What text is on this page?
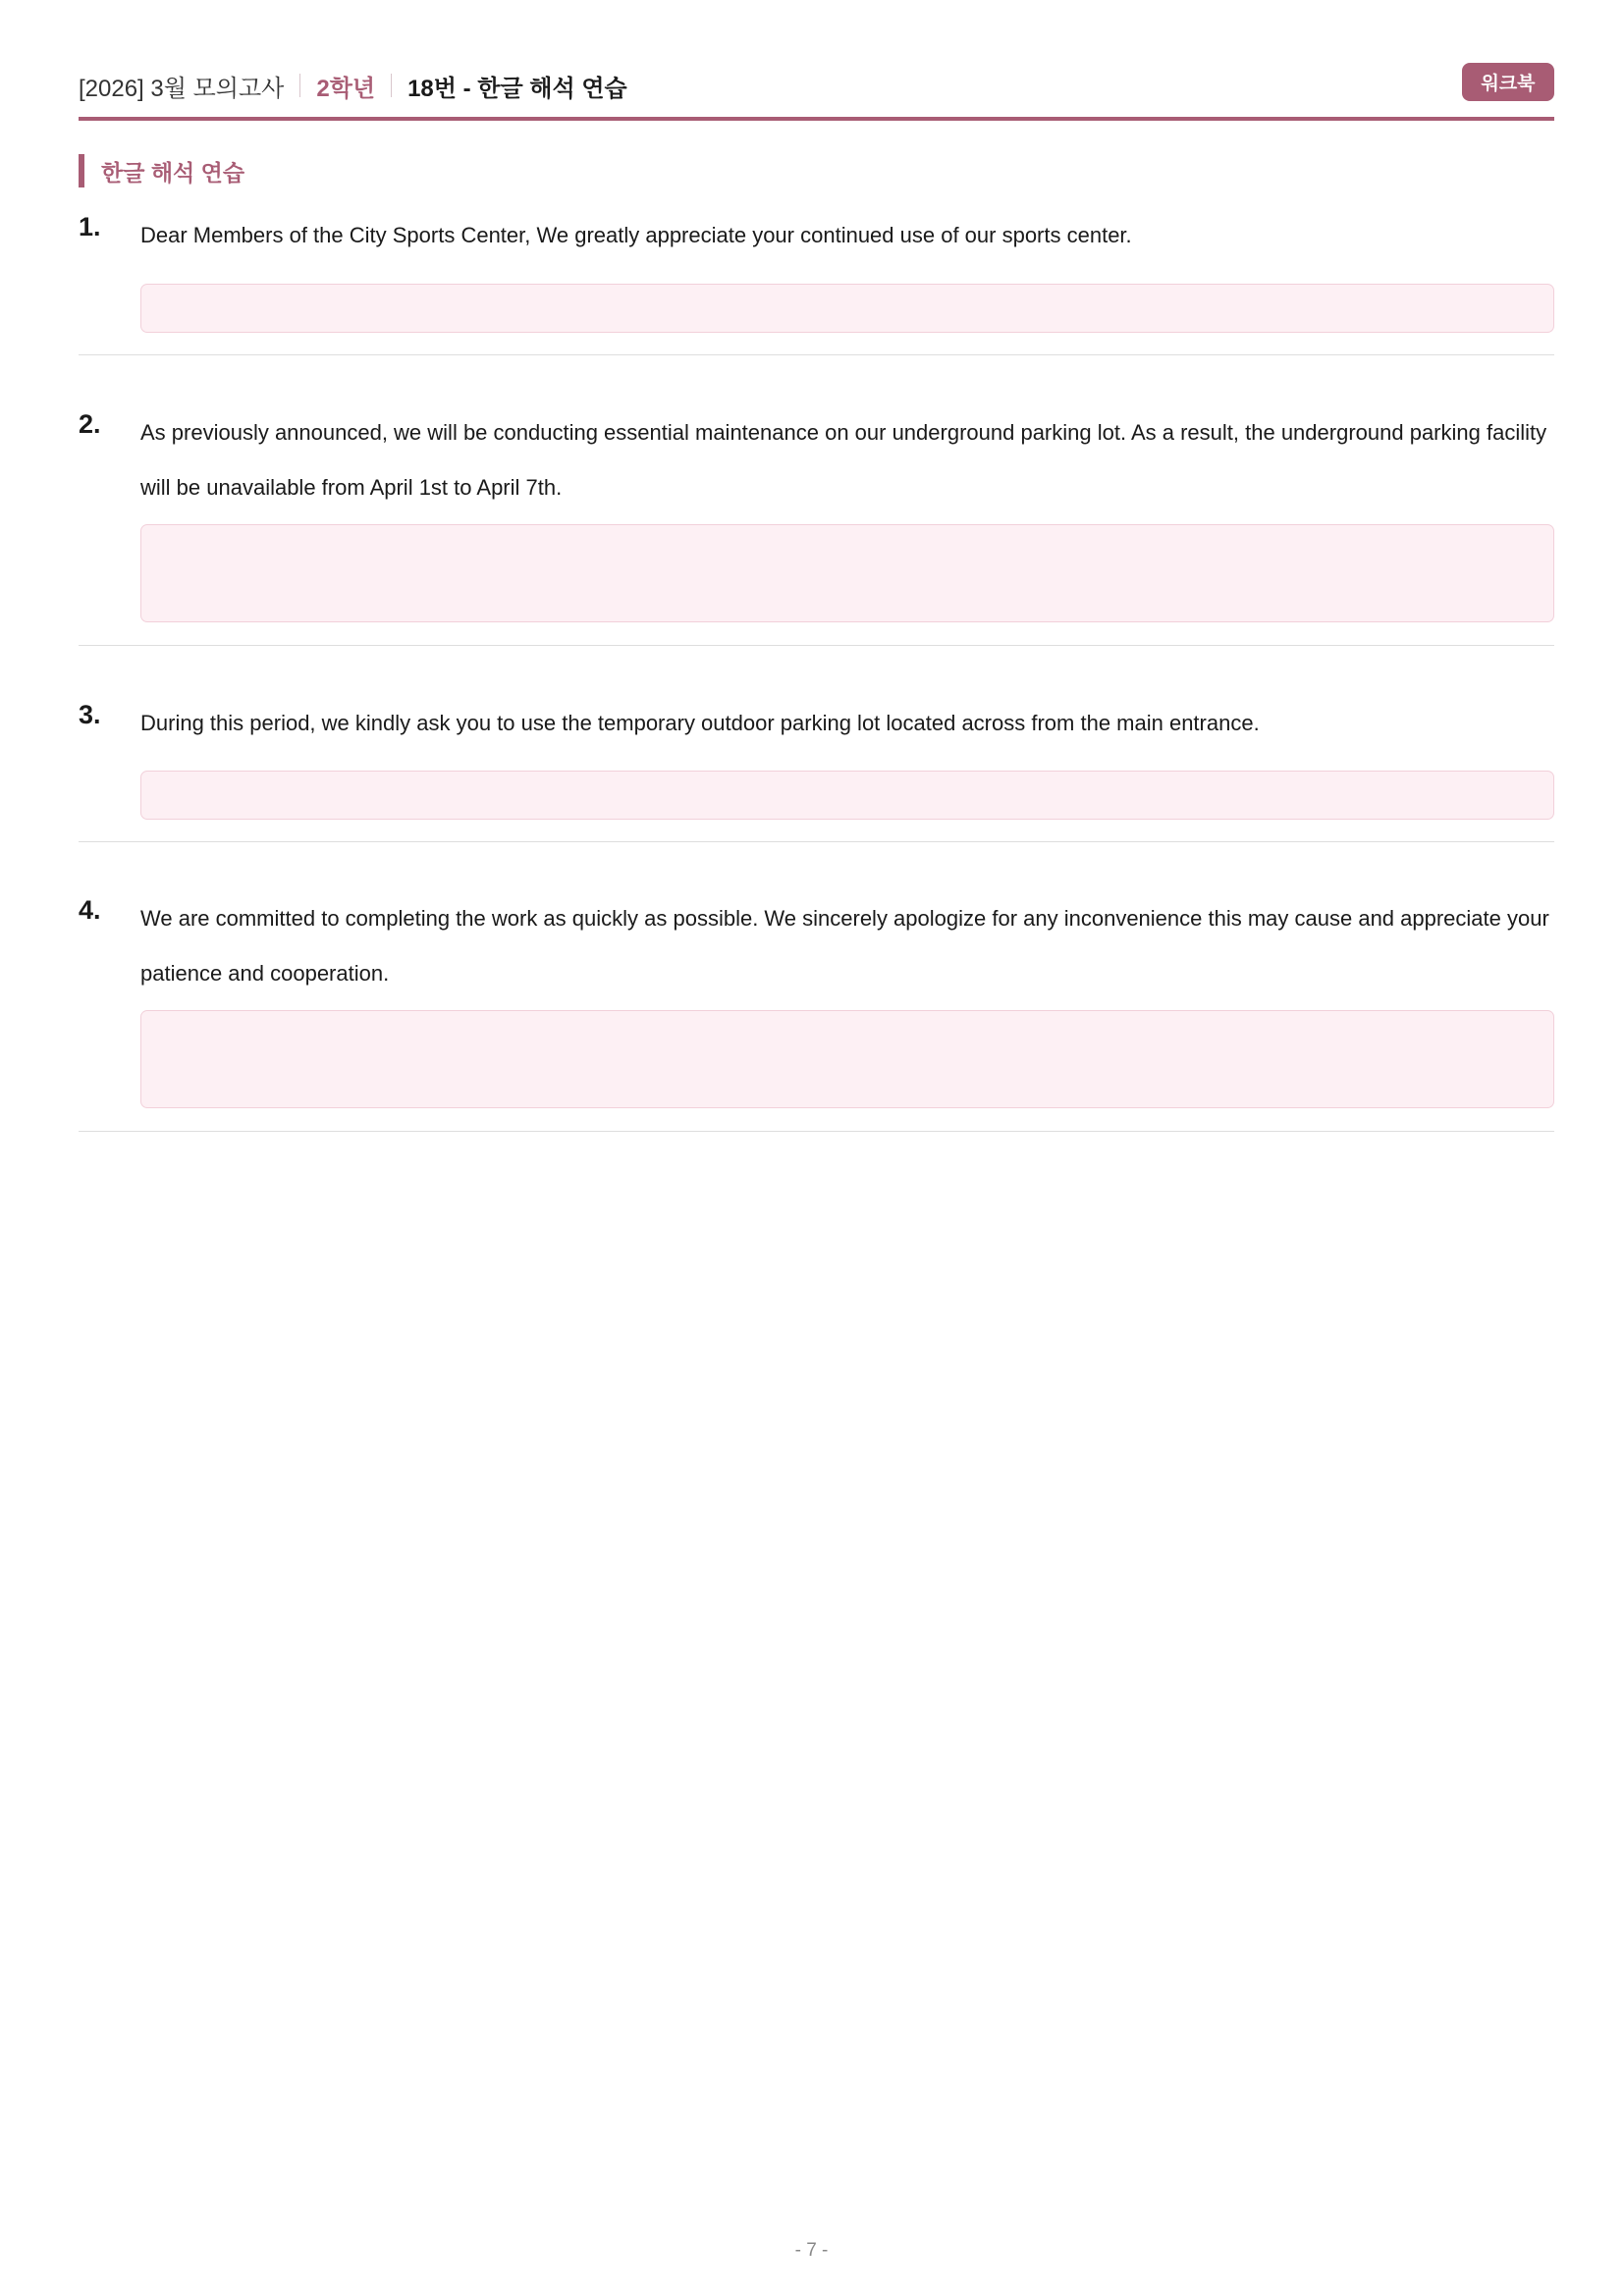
[2026] 3월 모의고사 2학년 18번 - 한글 해석 연습	워크북
한글 해석 연습
1. Dear Members of the City Sports Center, We greatly appreciate your continued use of our sports center.
2. As previously announced, we will be conducting essential maintenance on our underground parking lot. As a result, the underground parking facility will be unavailable from April 1st to April 7th.
3. During this period, we kindly ask you to use the temporary outdoor parking lot located across from the main entrance.
4. We are committed to completing the work as quickly as possible. We sincerely apologize for any inconvenience this may cause and appreciate your patience and cooperation.
- 7 -
